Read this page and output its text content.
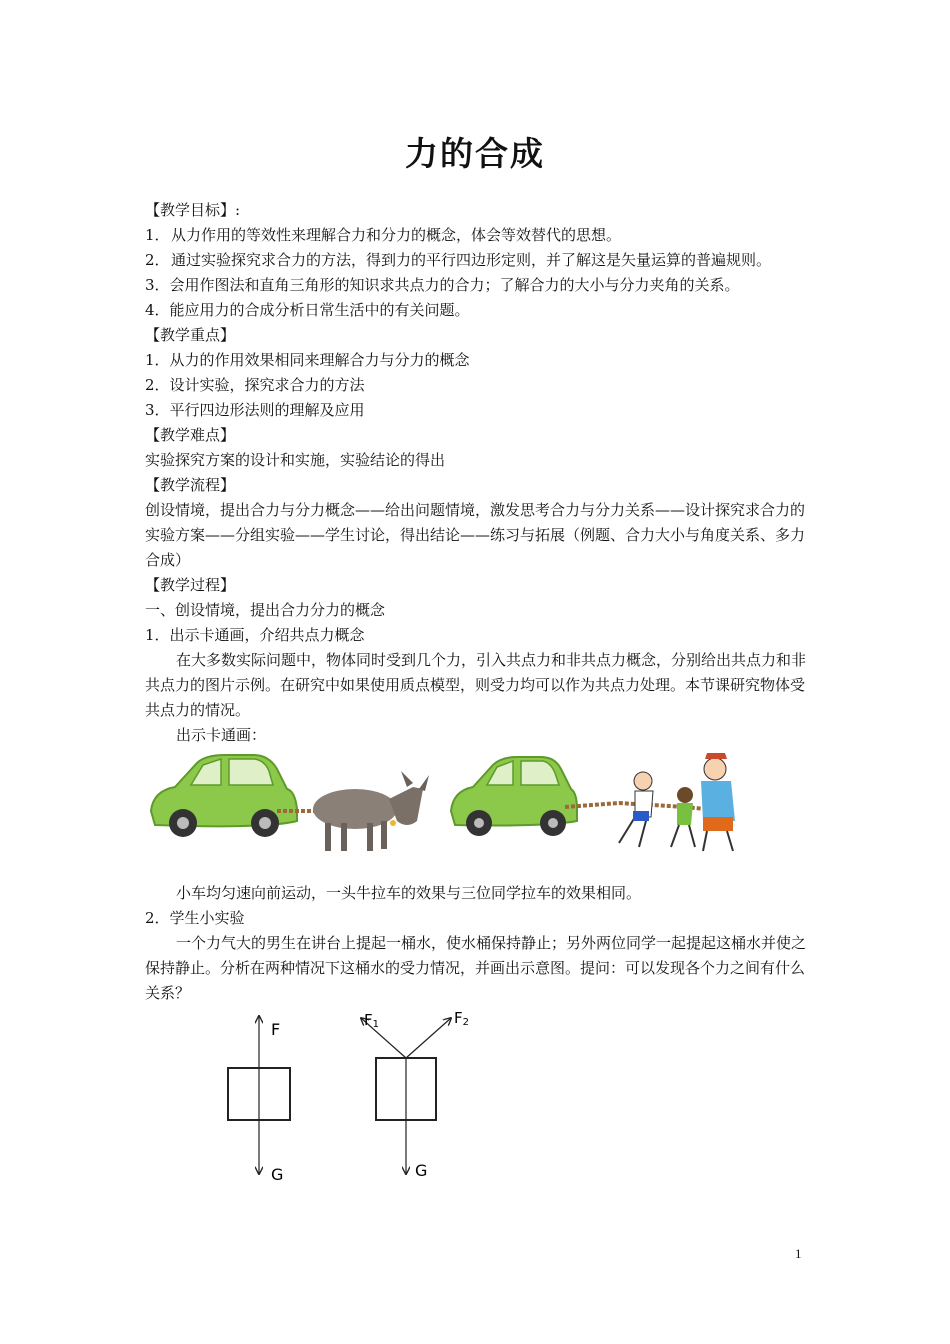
力的合成
【教学目标】:
1．从力作用的等效性来理解合力和分力的概念，体会等效替代的思想。
2．通过实验探究求合力的方法，得到力的平行四边形定则，并了解这是矢量运算的普遍规则。
3．会用作图法和直角三角形的知识求共点力的合力；了解合力的大小与分力夹角的关系。
4．能应用力的合成分析日常生活中的有关问题。
【教学重点】
1．从力的作用效果相同来理解合力与分力的概念
2．设计实验，探究求合力的方法
3．平行四边形法则的理解及应用
【教学难点】
实验探究方案的设计和实施，实验结论的得出
【教学流程】
创设情境，提出合力与分力概念——给出问题情境，激发思考合力与分力关系——设计探究求合力的实验方案——分组实验——学生讨论，得出结论——练习与拓展（例题、合力大小与角度关系、多力合成）
【教学过程】
一、创设情境，提出合力分力的概念
1．出示卡通画，介绍共点力概念
在大多数实际问题中，物体同时受到几个力，引入共点力和非共点力概念，分别给出共点力和非共点力的图片示例。在研究中如果使用质点模型，则受力均可以作为共点力处理。本节课研究物体受共点力的情况。
出示卡通画：
小车均匀速向前运动，一头牛拉车的效果与三位同学拉车的效果相同。
2．学生小实验
一个力气大的男生在讲台上提起一桶水，使水桶保持静止；另外两位同学一起提起这桶水并使之保持静止。分析在两种情况下这桶水的受力情况，并画出示意图。提问：可以发现各个力之间有什么关系？
F
G
F1	F2
G
1
